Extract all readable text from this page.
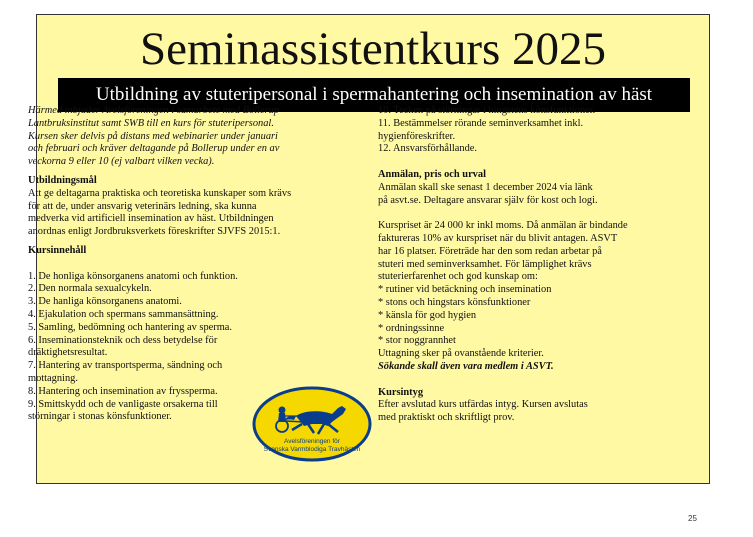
Seminassistentkurs 2025
Utbildning av stuteripersonal i spermahantering och insemination av häst
Härmed inbjuder Avelsföreningen i samarbete med Bollerup
Lantbruksinstitut samt SWB till en kurs för stuteripersonal.
Kursen sker delvis på distans med webinarier under januari
och februari och kräver deltagande på Bollerup under en av
veckorna 9 eller 10 (ej valbart vilken vecka).
Utbildningsmål
Att ge deltagarna praktiska och teoretiska kunskaper som krävs
för att de, under ansvarig veterinärs ledning, ska kunna
medverka vid artificiell insemination av häst. Utbildningen
anordnas enligt Jordbruksverkets föreskrifter SJVFS 2015:1.
Kursinnehåll
1. De honliga könsorganens anatomi och funktion.
2. Den normala sexualcykeln.
3. De hanliga könsorganens anatomi.
4. Ejakulation och spermans sammansättning.
5. Samling, bedömning och hantering av sperma.
6. Inseminationsteknik och dess betydelse för
dräktighetsresultat.
7. Hantering av transportsperma, sändning och
mottagning.
8. Hantering och insemination av fryssperma.
9. Smittskydd och de vanligaste orsakerna till
störningar i stonas könsfunktioner.
10. Tecken på störningar i hingstens könsfunktioner.
11. Bestämmelser rörande seminverksamhet inkl.
hygienföreskrifter.
12. Ansvarsförhållande.
Anmälan, pris och urval
Anmälan skall ske senast 1 december 2024 via länk
på asvt.se. Deltagare ansvarar själv för kost och logi.
Kurspriset är 24 000 kr inkl moms. Då anmälan är bindande
faktureras 10% av kurspriset när du blivit antagen. ASVT
har 16 platser. Företräde har den som redan arbetar på
stuteri med seminverksamhet. För lämplighet krävs
stuterierfarenhet och god kunskap om:
* rutiner vid betäckning och insemination
* stons och hingstars könsfunktioner
* känsla för god hygien
* ordningssinne
* stor noggrannhet
Uttagning sker på ovanstående kriterier.
Sökande skall även vara medlem i ASVT.
Kursintyg
Efter avslutad kurs utfärdas intyg. Kursen avslutas
med praktiskt och skriftligt prov.
Avelsföreningen för
Svenska Varmblodiga Travhästen
25
